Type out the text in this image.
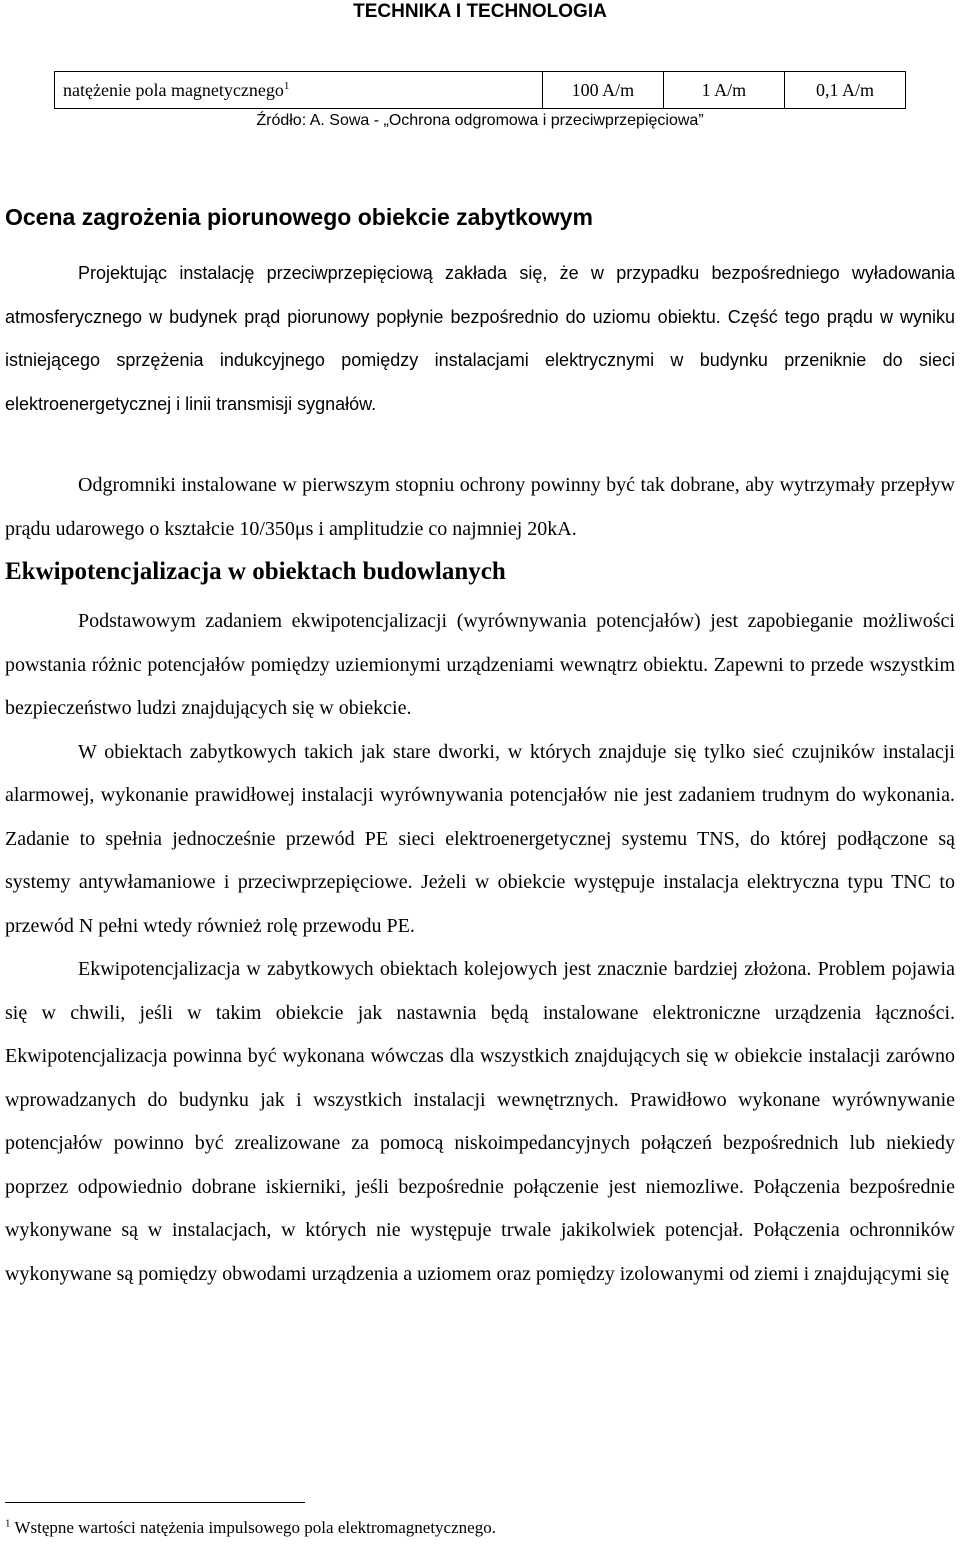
TECHNIKA I TECHNOLOGIA
natężenie pola magnetycznego$^1$	100 A/m	1 A/m	0,1 A/m
Źródło: A. Sowa - „Ochrona odgromowa i przeciwprzepięciowa”
Ocena zagrożenia piorunowego obiekcie zabytkowym

Projektując instalację przeciwprzepięciową zakłada się, że w przypadku bezpośredniego wyładowania atmosferycznego w budynek prąd piorunowy popłynie bezpośrednio do uziomu obiektu. Część tego prądu w wyniku istniejącego sprzężenia indukcyjnego pomiędzy instalacjami elektrycznymi w budynku przeniknie do sieci elektroenergetycznej i linii transmisji sygnałów.

Odgromniki instalowane w pierwszym stopniu ochrony powinny być tak dobrane, aby wytrzymały przepływ prądu udarowego o kształcie 10/350μs i amplitudzie co najmniej 20kA.

Ekwipotencjalizacja w obiektach budowlanych

Podstawowym zadaniem ekwipotencjalizacji (wyrównywania potencjałów) jest zapobieganie możliwości powstania różnic potencjałów pomiędzy uziemionymi urządzeniami wewnątrz obiektu. Zapewni to przede wszystkim bezpieczeństwo ludzi znajdujących się w obiekcie.

W obiektach zabytkowych takich jak stare dworki, w których znajduje się tylko sieć czujników instalacji alarmowej, wykonanie prawidłowej instalacji wyrównywania potencjałów nie jest zadaniem trudnym do wykonania. Zadanie to spełnia jednocześnie przewód PE sieci elektroenergetycznej systemu TNS, do której podłączone są systemy antywłamaniowe i przeciwprzepięciowe. Jeżeli w obiekcie występuje instalacja elektryczna typu TNC to przewód N pełni wtedy również rolę przewodu PE.

Ekwipotencjalizacja w zabytkowych obiektach kolejowych jest znacznie bardziej złożona. Problem pojawia się w chwili, jeśli w takim obiekcie jak nastawnia będą instalowane elektroniczne urządzenia łączności. Ekwipotencjalizacja powinna być wykonana wówczas dla wszystkich znajdujących się w obiekcie instalacji zarówno wprowadzanych do budynku jak i wszystkich instalacji wewnętrznych. Prawidłowo wykonane wyrównywanie potencjałów powinno być zrealizowane za pomocą niskoimpedancyjnych połączeń bezpośrednich lub niekiedy poprzez odpowiednio dobrane iskierniki, jeśli bezpośrednie połączenie jest niemozliwe. Połączenia bezpośrednie wykonywane są w instalacjach, w których nie występuje trwale jakikolwiek potencjał. Połączenia ochronników wykonywane są pomiędzy obwodami urządzenia a uziomem oraz pomiędzy izolowanymi od ziemi i znajdującymi się

$^1$ Wstępne wartości natężenia impulsowego pola elektromagnetycznego.
